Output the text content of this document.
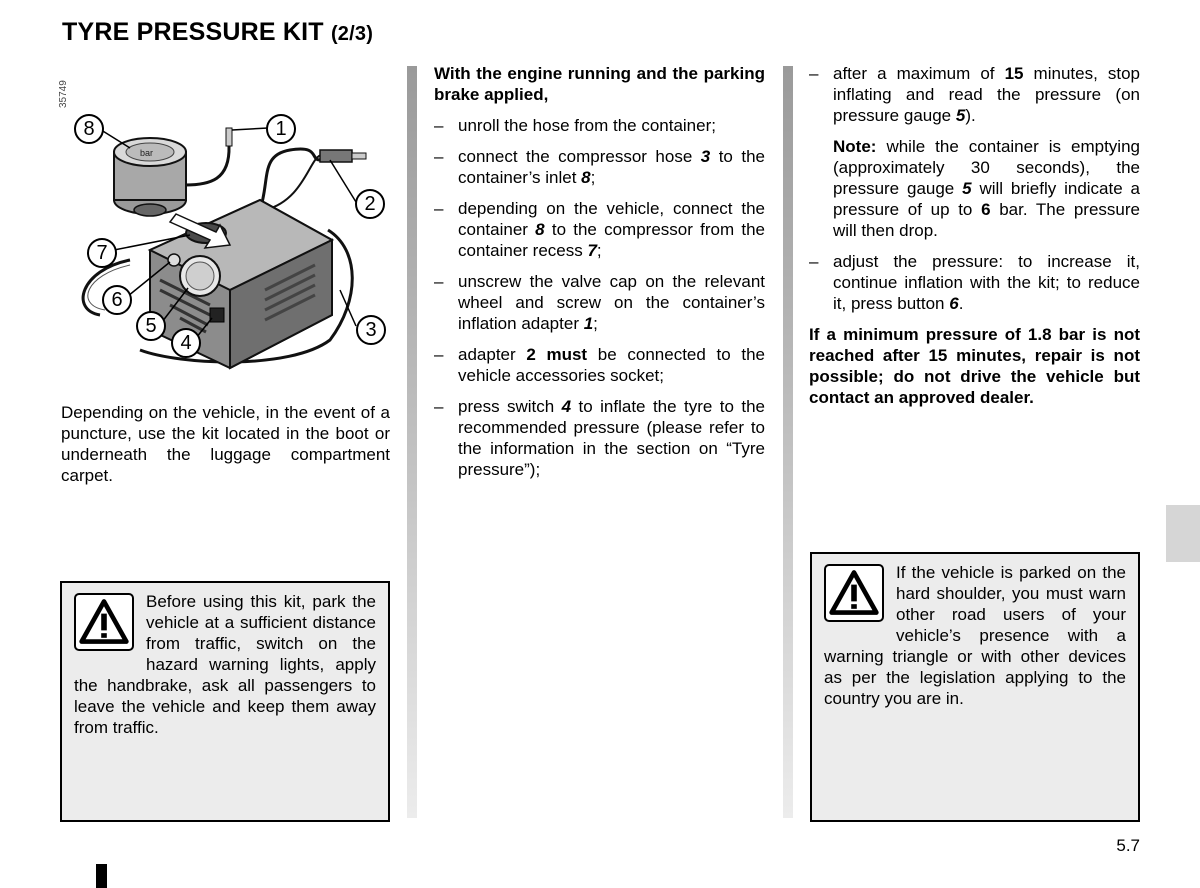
TYRE PRESSURE KIT (2/3)
35749
bar
8	1
2
7
6
5	3
4
Depending on the vehicle, in the event of a puncture, use the kit located in the boot or underneath the luggage compartment carpet.
Before using this kit, park the vehicle at a sufficient distance from traffic, switch on the hazard warning lights, apply the handbrake, ask all passengers to leave the vehicle and keep them away from traffic.

With the engine running and the parking brake applied,

– unroll the hose from the container;
– connect the compressor hose 3 to the container’s inlet 8;
– depending on the vehicle, connect the container 8 to the compressor from the container recess 7;
– unscrew the valve cap on the relevant wheel and screw on the container’s inflation adapter 1;
– adapter 2 must be connected to the vehicle accessories socket;
– press switch 4 to inflate the tyre to the recommended pressure (please refer to the information in the section on “Tyre pressure”);
– after a maximum of 15 minutes, stop inflating and read the pressure (on pressure gauge 5).

Note: while the container is emptying (approximately 30 seconds), the pressure gauge 5 will briefly indicate a pressure of up to 6 bar. The pressure will then drop.

– adjust the pressure: to increase it, continue inflation with the kit; to reduce it, press button 6.

If a minimum pressure of 1.8 bar is not reached after 15 minutes, repair is not possible; do not drive the vehicle but contact an approved dealer.

If the vehicle is parked on the hard shoulder, you must warn other road users of your vehicle’s presence with a warning triangle or with other devices as per the legislation applying to the country you are in.
5.7
